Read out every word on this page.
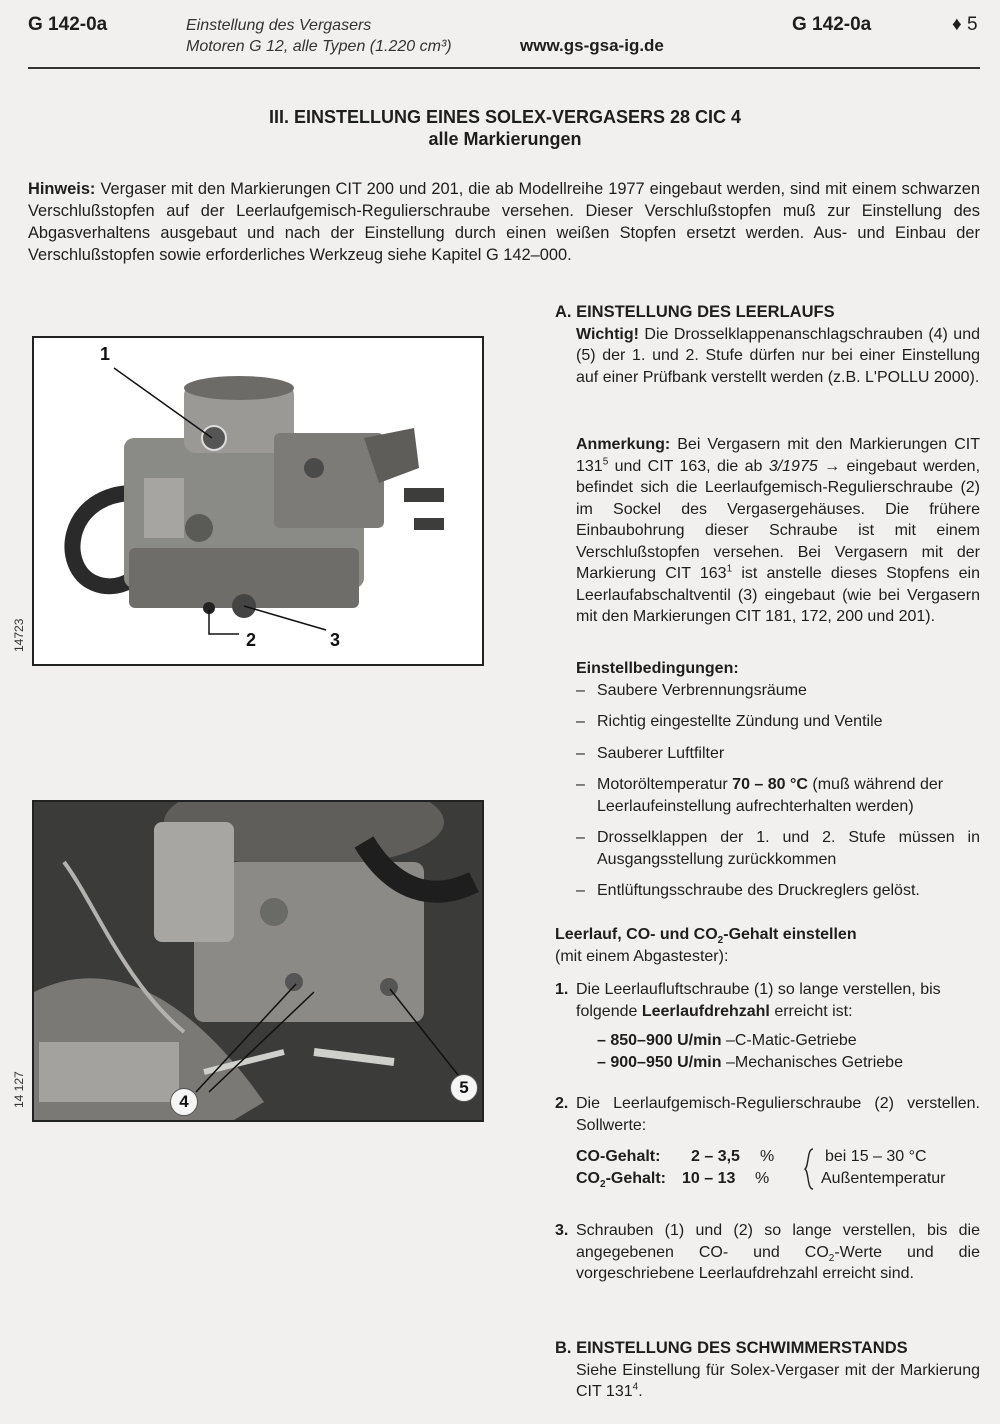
G 142-0a	Einstellung des Vergasers
Motoren G 12, alle Typen (1.220 cm³)	www.gs-gsa-ig.de
G 142-0a	♦ 5
III. EINSTELLUNG EINES SOLEX-VERGASERS 28 CIC 4
alle Markierungen
Hinweis: Vergaser mit den Markierungen CIT 200 und 201, die ab Modellreihe 1977 eingebaut werden, sind mit einem schwarzen Verschlußstopfen auf der Leerlaufgemisch-Regulierschraube versehen. Dieser Verschlußstopfen muß zur Einstellung des Abgasverhaltens ausgebaut und nach der Einstellung durch einen weißen Stopfen ersetzt werden. Aus- und Einbau der Verschlußstopfen sowie erforderliches Werkzeug siehe Kapitel G 142–000.
1
2	3
14723
4
5
14 127
A. EINSTELLUNG DES LEERLAUFS
Wichtig! Die Drosselklappenanschlagschrauben (4) und (5) der 1. und 2. Stufe dürfen nur bei einer Einstellung auf einer Prüfbank verstellt werden (z.B. L'POLLU 2000).
Anmerkung: Bei Vergasern mit den Markierungen CIT $131^5$ und CIT 163, die ab 3/1975 → eingebaut werden, befindet sich die Leerlaufgemisch-Regulierschraube (2) im Sockel des Vergasergehäuses. Die frühere Einbaubohrung dieser Schraube ist mit einem Verschlußstopfen versehen. Bei Vergasern mit der Markierung CIT $163^1$ ist anstelle dieses Stopfens ein Leerlaufabschaltventil (3) eingebaut (wie bei Vergasern mit den Markierungen CIT 181, 172, 200 und 201).
Einstellbedingungen:
– Saubere Verbrennungsräume
– Richtig eingestellte Zündung und Ventile
– Sauberer Luftfilter
– Motoröltemperatur 70 – 80 °C (muß während der Leerlaufeinstellung aufrechterhalten werden)
– Drosselklappen der 1. und 2. Stufe müssen in Ausgangsstellung zurückkommen
– Entlüftungsschraube des Druckreglers gelöst.
Leerlauf, CO- und $CO_2$-Gehalt einstellen
(mit einem Abgastester):
1. Die Leerlaufluftschraube (1) so lange verstellen, bis folgende Leerlaufdrehzahl erreicht ist:
– 850–900 U/min –C-Matic-Getriebe
– 900–950 U/min –Mechanisches Getriebe
2. Die Leerlaufgemisch-Regulierschraube (2) verstellen. Sollwerte:
CO-Gehalt: 2 – 3,5 %
$CO_2$-Gehalt: 10 – 13 %
bei 15 – 30 °C
Außentemperatur
3. Schrauben (1) und (2) so lange verstellen, bis die angegebenen CO- und $CO_2$-Werte und die vorgeschriebene Leerlaufdrehzahl erreicht sind.
B. EINSTELLUNG DES SCHWIMMERSTANDS
Siehe Einstellung für Solex-Vergaser mit der Markierung CIT $131^4$.
